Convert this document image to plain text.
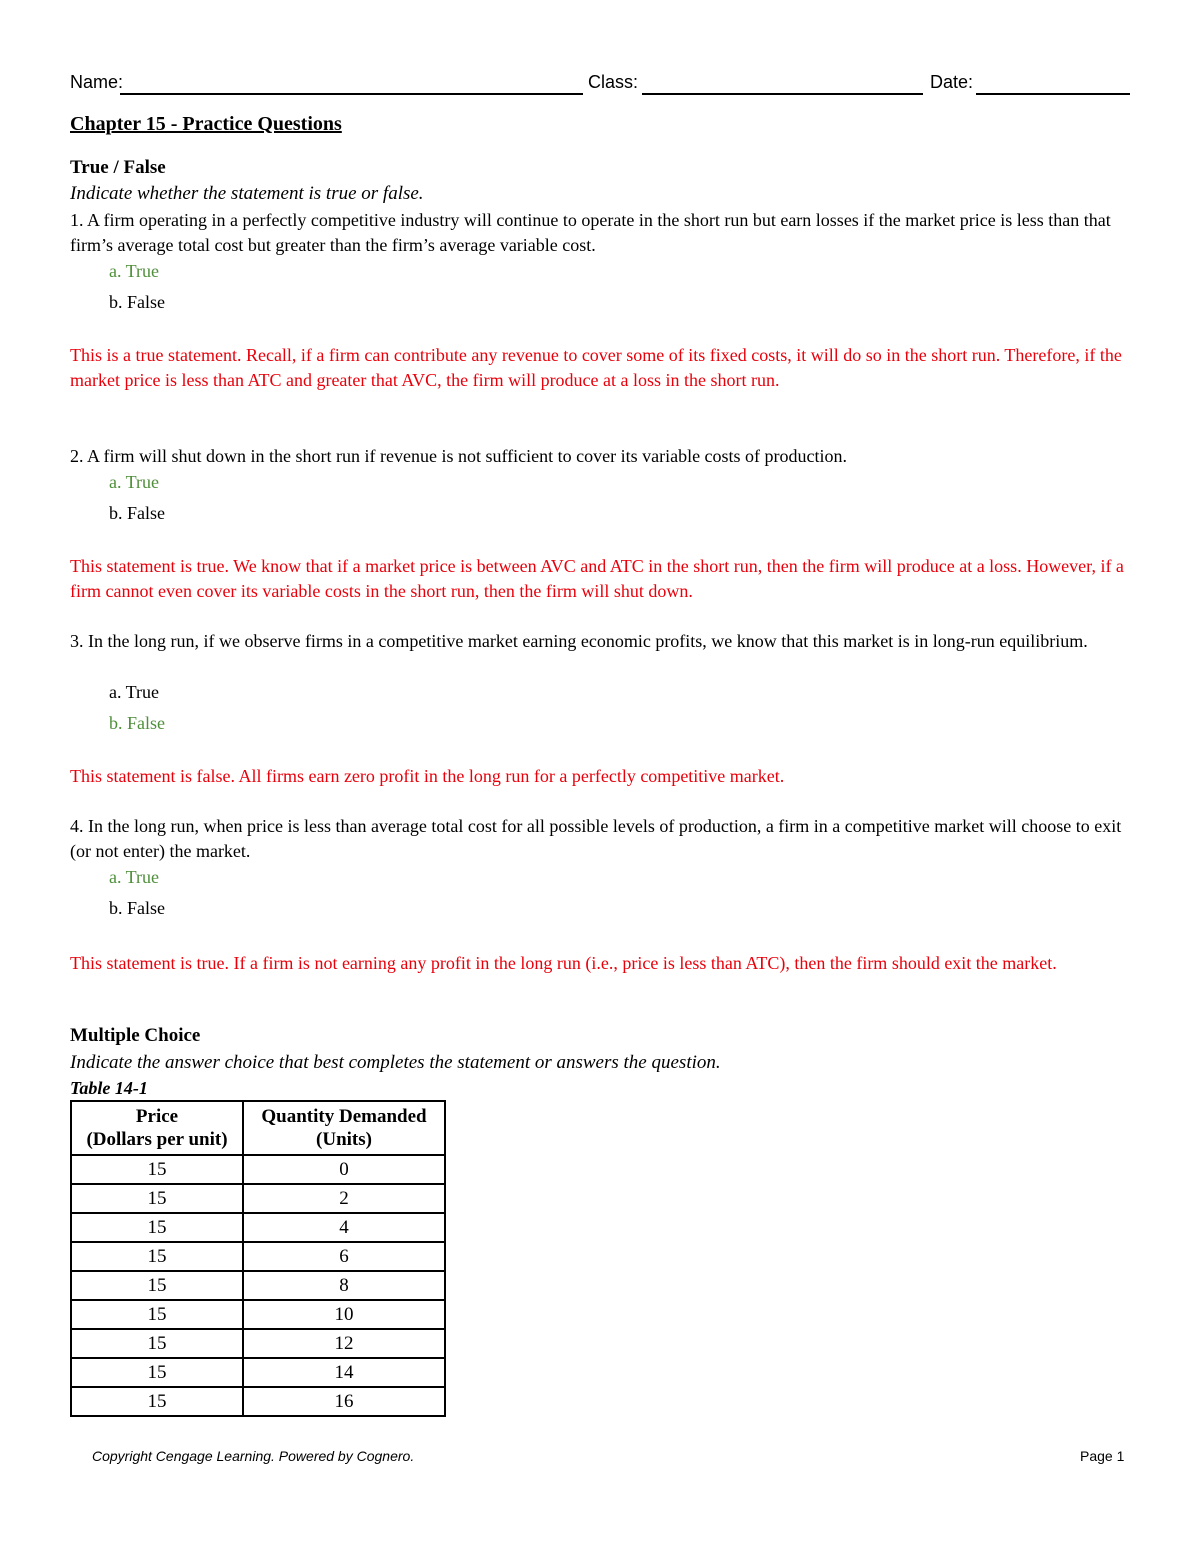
Name:	Class:	Date:
Chapter 15 - Practice Questions
True / False
Indicate whether the statement is true or false.
1. A firm operating in a perfectly competitive industry will continue to operate in the short run but earn losses if the market price is less than that firm’s average total cost but greater than the firm’s average variable cost.
a. True
b. False
This is a true statement. Recall, if a firm can contribute any revenue to cover some of its fixed costs, it will do so in the short run. Therefore, if the market price is less than ATC and greater that AVC, the firm will produce at a loss in the short run.
2. A firm will shut down in the short run if revenue is not sufficient to cover its variable costs of production.
a. True
b. False
This statement is true. We know that if a market price is between AVC and ATC in the short run, then the firm will produce at a loss. However, if a firm cannot even cover its variable costs in the short run, then the firm will shut down.
3. In the long run, if we observe firms in a competitive market earning economic profits, we know that this market is in long-run equilibrium.
a. True
b. False
This statement is false. All firms earn zero profit in the long run for a perfectly competitive market.
4. In the long run, when price is less than average total cost for all possible levels of production, a firm in a competitive market will choose to exit (or not enter) the market.
a. True
b. False
This statement is true. If a firm is not earning any profit in the long run (i.e., price is less than ATC), then the firm should exit the market.
Multiple Choice
Indicate the answer choice that best completes the statement or answers the question.
Table 14-1
Price
(Dollars per unit)	Quantity Demanded
(Units)
15	0
15	2
15	4
15	6
15	8
15	10
15	12
15	14
15	16
Copyright Cengage Learning. Powered by Cognero.	Page 1
